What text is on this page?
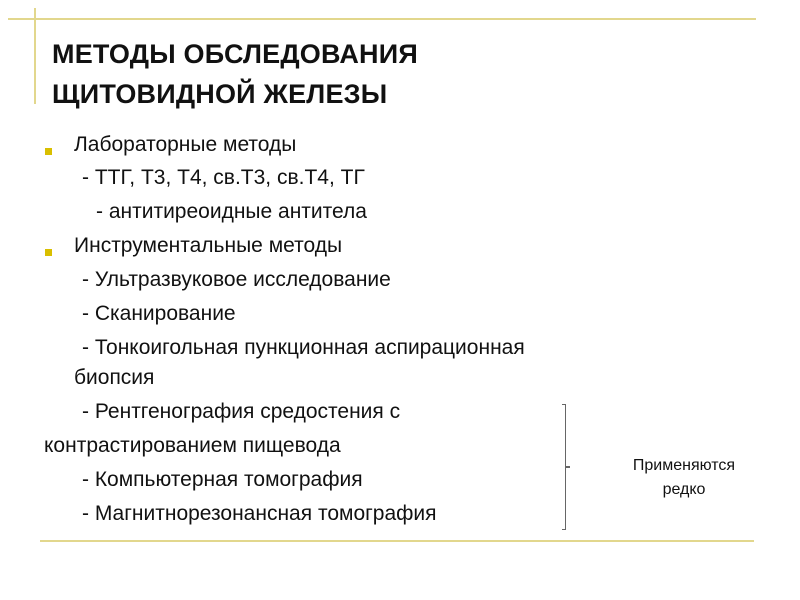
МЕТОДЫ ОБСЛЕДОВАНИЯ
ЩИТОВИДНОЙ ЖЕЛЕЗЫ

Лабораторные методы

- ТТГ, Т3, Т4, св.Т3, св.Т4, ТГ

- антитиреоидные антитела

Инструментальные методы

- Ультразвуковое исследование

- Сканирование

- Тонкоигольная пункционная аспирационная

биопсия

- Рентгенография средостения с

контрастированием пищевода

- Компьютерная томография

- Магнитнорезонансная томография

Применяются
редко
